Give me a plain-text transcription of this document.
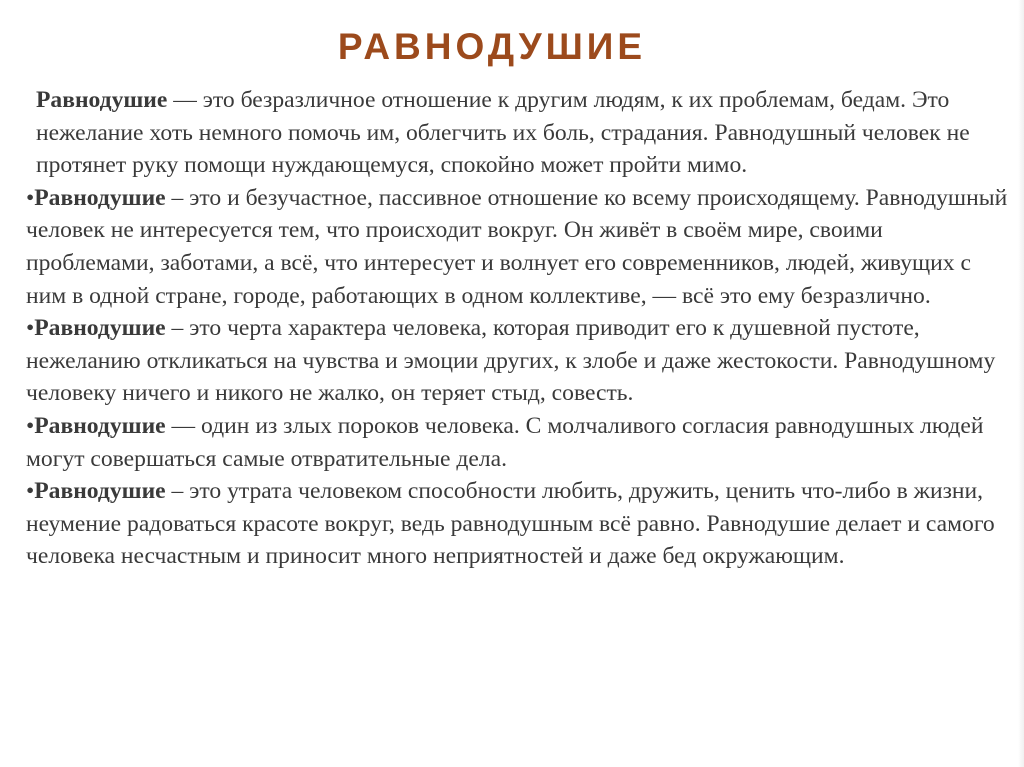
РАВНОДУШИЕ

Равнодушие — это безразличное отношение к другим людям, к их проблемам, бедам. Это нежелание хоть немного помочь им, облегчить их боль, страдания. Равнодушный человек не протянет руку помощи нуждающемуся, спокойно может пройти мимо.

•Равнодушие – это и безучастное, пассивное отношение ко всему происходящему. Равнодушный человек не интересуется тем, что происходит вокруг. Он живёт в своём мире, своими проблемами, заботами, а всё, что интересует и волнует его современников, людей, живущих с ним в одной стране, городе, работающих в одном коллективе, — всё это ему безразлично.

•Равнодушие – это черта характера человека, которая приводит его к душевной пустоте, нежеланию откликаться на чувства и эмоции других, к злобе и даже жестокости. Равнодушному человеку ничего и никого не жалко, он теряет стыд, совесть.

•Равнодушие — один из злых пороков человека. С молчаливого согласия равнодушных людей могут совершаться самые отвратительные дела.

•Равнодушие – это утрата человеком способности любить, дружить, ценить что-либо в жизни, неумение радоваться красоте вокруг, ведь равнодушным всё равно. Равнодушие делает и самого человека несчастным и приносит много неприятностей и даже бед окружающим.
